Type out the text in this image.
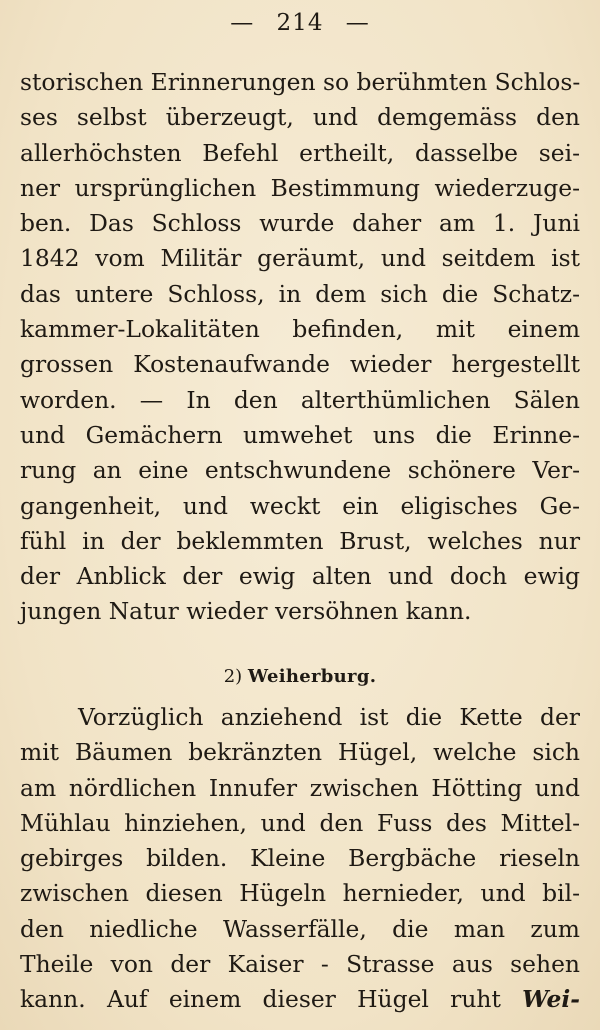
— 214 —
storischen Erinnerungen so berühmten Schlos-
ses selbst überzeugt, und demgemäss den
allerhöchsten Befehl ertheilt, dasselbe sei-
ner ursprünglichen Bestimmung wiederzuge-
ben. Das Schloss wurde daher am 1. Juni
1842 vom Militär geräumt, und seitdem ist
das untere Schloss, in dem sich die Schatz-
kammer-Lokalitäten befinden, mit einem
grossen Kostenaufwande wieder hergestellt
worden. — In den alterthümlichen Sälen
und Gemächern umwehet uns die Erinne-
rung an eine entschwundene schönere Ver-
gangenheit, und weckt ein eligisches Ge-
fühl in der beklemmten Brust, welches nur
der Anblick der ewig alten und doch ewig
jungen Natur wieder versöhnen kann.
2) Weiherburg.
Vorzüglich anziehend ist die Kette der
mit Bäumen bekränzten Hügel, welche sich
am nördlichen Innufer zwischen Hötting und
Mühlau hinziehen, und den Fuss des Mittel-
gebirges bilden. Kleine Bergbäche rieseln
zwischen diesen Hügeln hernieder, und bil-
den niedliche Wasserfälle, die man zum
Theile von der Kaiser - Strasse aus sehen
kann. Auf einem dieser Hügel ruht Wei-
